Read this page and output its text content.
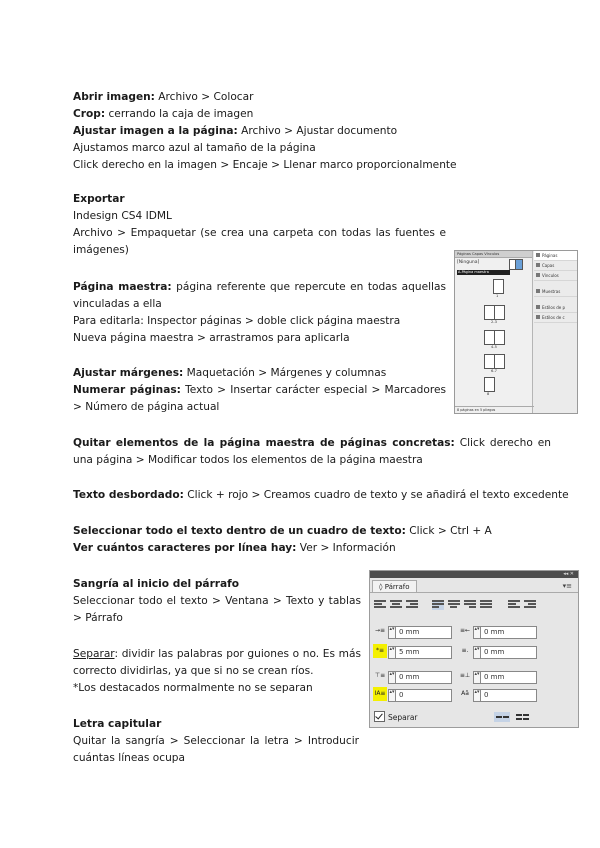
Abrir imagen: Archivo > Colocar
Crop: cerrando la caja de imagen
Ajustar imagen a la página: Archivo > Ajustar documento
Ajustamos marco azul al tamaño de la página
Click derecho en la imagen > Encaje > Llenar marco proporcionalmente
Exportar
Indesign CS4 IDML
Archivo > Empaquetar (se crea una carpeta con todas las fuentes e imágenes)
Página maestra: página referente que repercute en todas aquellas vinculadas a ella
Para editarla: Inspector páginas > doble click página maestra
Nueva página maestra > arrastramos para aplicarla
Ajustar márgenes: Maquetación > Márgenes y columnas
Numerar páginas: Texto > Insertar carácter especial > Marcadores > Número de página actual
Quitar elementos de la página maestra de páginas concretas: Click derecho en una página > Modificar todos los elementos de la página maestra
Texto desbordado: Click + rojo > Creamos cuadro de texto y se añadirá el texto excedente
Seleccionar todo el texto dentro de un cuadro de texto: Click > Ctrl + A
Ver cuántos caracteres por línea hay: Ver > Información
Sangría al inicio del párrafo
Seleccionar todo el texto > Ventana > Texto y tablas > Párrafo
Separar: dividir las palabras por guiones o no. Es más correcto dividirlas, ya que si no se crean ríos.
*Los destacados normalmente no se separan
Letra capitular
Quitar la sangría > Seleccionar la letra > Introducir cuántas líneas ocupa
Páginas Capas Vínculos
[Ninguna]
A-Página maestra
1
2-3
4-5
6-7
8
8 páginas en 5 pliegos
Páginas
Capas
Vínculos
Muestras
Estilos de p
Estilos de c
◂◂ ✕
◊ Párrafo	▾≡
→≡ ▴▾ 0 mm	≡← ▴▾ 0 mm
*≡	▴▾ 5 mm	≡.	▴▾ 0 mm
⊤≡ ▴▾ 0 mm	≡⊥ ▴▾ 0 mm
IA≡ ▴▾ 0	Aā	▴▾ 0
Separar
